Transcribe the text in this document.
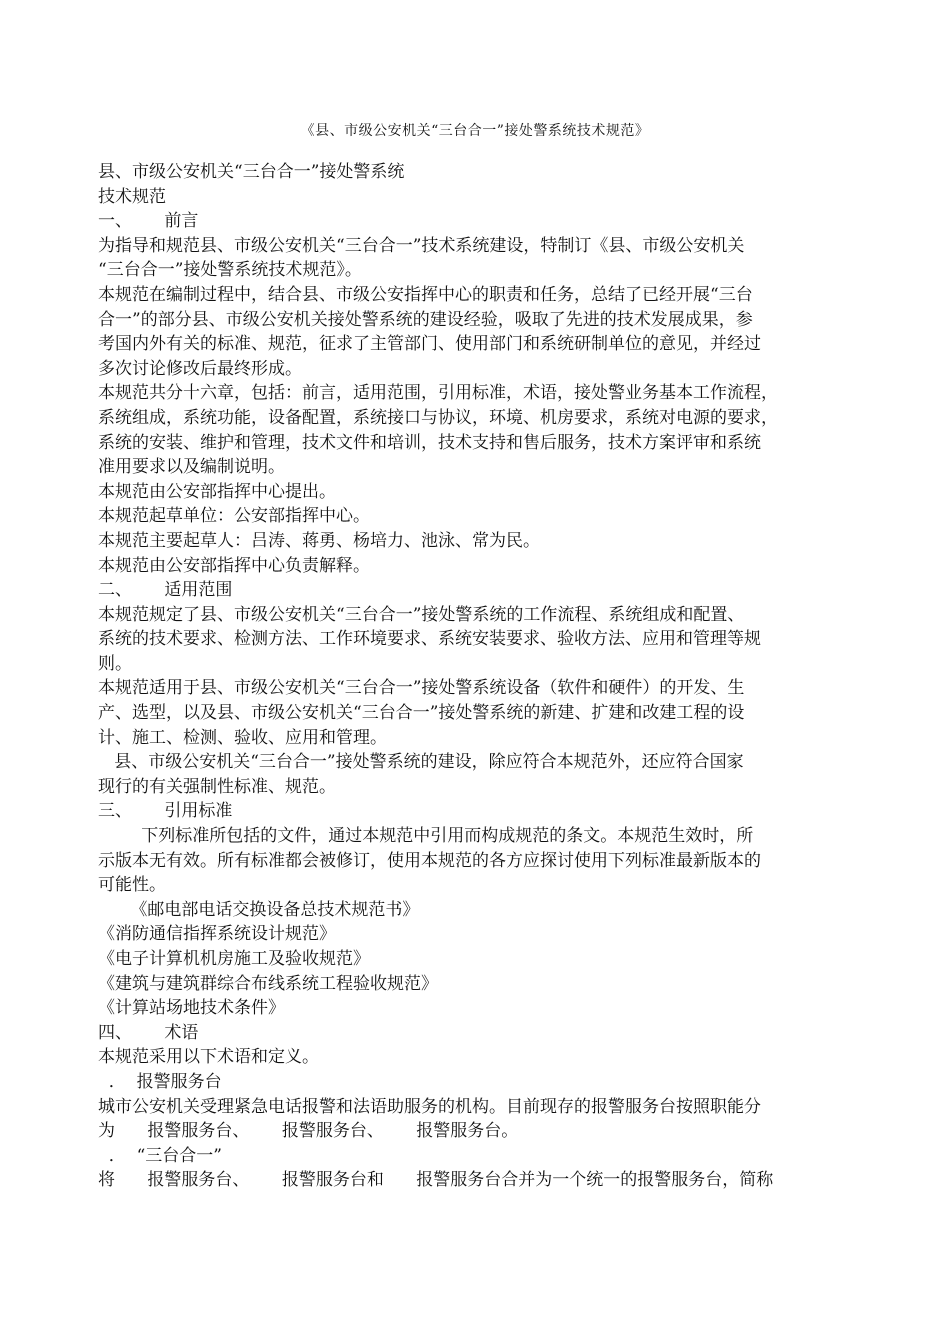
《县、市级公安机关“三台合一”接处警系统技术规范》
县、市级公安机关“三台合一”接处警系统
技术规范
一、      前言
为指导和规范县、市级公安机关“三台合一”技术系统建设，特制订《县、市级公安机关
“三台合一”接处警系统技术规范》。
本规范在编制过程中，结合县、市级公安指挥中心的职责和任务，总结了已经开展“三台
合一”的部分县、市级公安机关接处警系统的建设经验，吸取了先进的技术发展成果，参
考国内外有关的标准、规范，征求了主管部门、使用部门和系统研制单位的意见，并经过
多次讨论修改后最终形成。
本规范共分十六章，包括：前言，适用范围，引用标准，术语，接处警业务基本工作流程，
系统组成，系统功能，设备配置，系统接口与协议，环境、机房要求，系统对电源的要求，
系统的安装、维护和管理，技术文件和培训，技术支持和售后服务，技术方案评审和系统
准用要求以及编制说明。
本规范由公安部指挥中心提出。
本规范起草单位：公安部指挥中心。
本规范主要起草人：吕涛、蒋勇、杨培力、池泳、常为民。
本规范由公安部指挥中心负责解释。
二、      适用范围
本规范规定了县、市级公安机关“三台合一”接处警系统的工作流程、系统组成和配置、
系统的技术要求、检测方法、工作环境要求、系统安装要求、验收方法、应用和管理等规
则。
本规范适用于县、市级公安机关“三台合一”接处警系统设备（软件和硬件）的开发、生
产、选型，以及县、市级公安机关“三台合一”接处警系统的新建、扩建和改建工程的设
计、施工、检测、验收、应用和管理。
县、市级公安机关“三台合一”接处警系统的建设，除应符合本规范外，还应符合国家
现行的有关强制性标准、规范。
三、      引用标准
下列标准所包括的文件，通过本规范中引用而构成规范的条文。本规范生效时，所
示版本无有效。所有标准都会被修订，使用本规范的各方应探讨使用下列标准最新版本的
可能性。
《邮电部电话交换设备总技术规范书》
《消防通信指挥系统设计规范》
《电子计算机机房施工及验收规范》
《建筑与建筑群综合布线系统工程验收规范》
《计算站场地技术条件》
四、      术语
本规范采用以下术语和定义。
．  报警服务台
城市公安机关受理紧急电话报警和法语助服务的机构。目前现存的报警服务台按照职能分
为      报警服务台、      报警服务台、      报警服务台。
．  “三台合一”
将      报警服务台、      报警服务台和      报警服务台合并为一个统一的报警服务台，简称
